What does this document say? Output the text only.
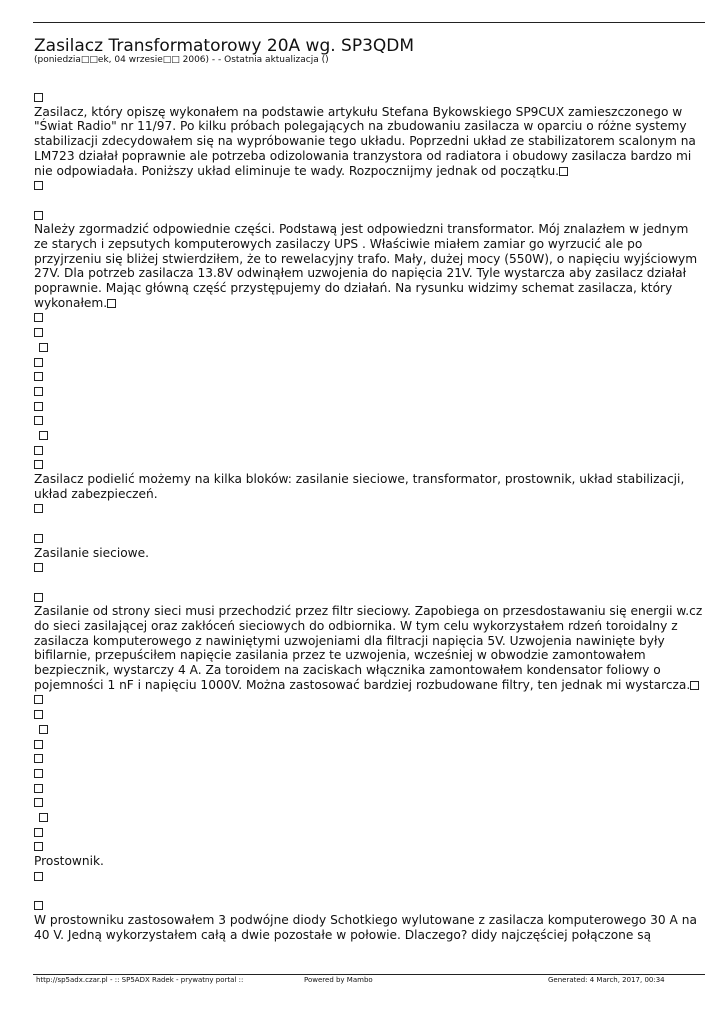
Zasilacz Transformatorowy 20A wg. SP3QDM
(poniedzia□□ek, 04 wrzesie□□ 2006) - - Ostatnia aktualizacja ()
Zasilacz, który opiszę wykonałem na podstawie artykułu Stefana Bykowskiego SP9CUX zamieszczonego w "Świat Radio" nr 11/97. Po kilku próbach polegających na zbudowaniu zasilacza w oparciu o różne systemy stabilizacji zdecydowałem się na wypróbowanie tego układu. Poprzedni układ ze stabilizatorem scalonym na LM723 działał poprawnie ale potrzeba odizolowania tranzystora od radiatora i obudowy zasilacza bardzo mi nie odpowiadała. Poniższy układ eliminuje te wady. Rozpocznijmy jednak od początku.
Należy zgormadzić odpowiednie części. Podstawą jest odpowiedzni transformator. Mój znalazłem w jednym ze starych i zepsutych komputerowych zasilaczy UPS . Właściwie miałem zamiar go wyrzucić ale po przyjrzeniu się bliżej stwierdziłem, że to rewelacyjny trafo. Mały, dużej mocy (550W), o napięciu wyjściowym 27V. Dla potrzeb zasilacza 13.8V odwinąłem uzwojenia do napięcia 21V. Tyle wystarcza aby zasilacz działał poprawnie. Mając główną część przystępujemy do działań. Na rysunku widzimy schemat zasilacza, który wykonałem.
Zasilacz podielić możemy na kilka bloków: zasilanie sieciowe, transformator, prostownik, układ stabilizacji, układ zabezpieczeń.
Zasilanie sieciowe.
Zasilanie od strony sieci musi przechodzić przez filtr sieciowy. Zapobiega on przesdostawaniu się energii w.cz do sieci zasilającej oraz zakłóceń sieciowych do odbiornika. W tym celu wykorzystałem rdzeń toroidalny z zasilacza komputerowego z nawiniętymi uzwojeniami dla filtracji napięcia 5V. Uzwojenia nawinięte były bifilarnie, przepuściłem napięcie zasilania przez te uzwojenia, wcześniej w obwodzie zamontowałem bezpiecznik, wystarczy 4 A. Za toroidem na zaciskach włącznika zamontowałem kondensator foliowy o pojemności 1 nF i napięciu 1000V. Można zastosować bardziej rozbudowane filtry, ten jednak mi wystarcza.
Prostownik.
W prostowniku zastosowałem 3 podwójne diody Schotkiego wylutowane z zasilacza komputerowego 30 A na 40 V. Jedną wykorzystałem całą a dwie pozostałe w połowie. Dlaczego? didy najczęściej połączone są
http://sp5adx.czar.pl - :: SP5ADX Radek - prywatny portal ::	Powered by Mambo	Generated: 4 March, 2017, 00:34
